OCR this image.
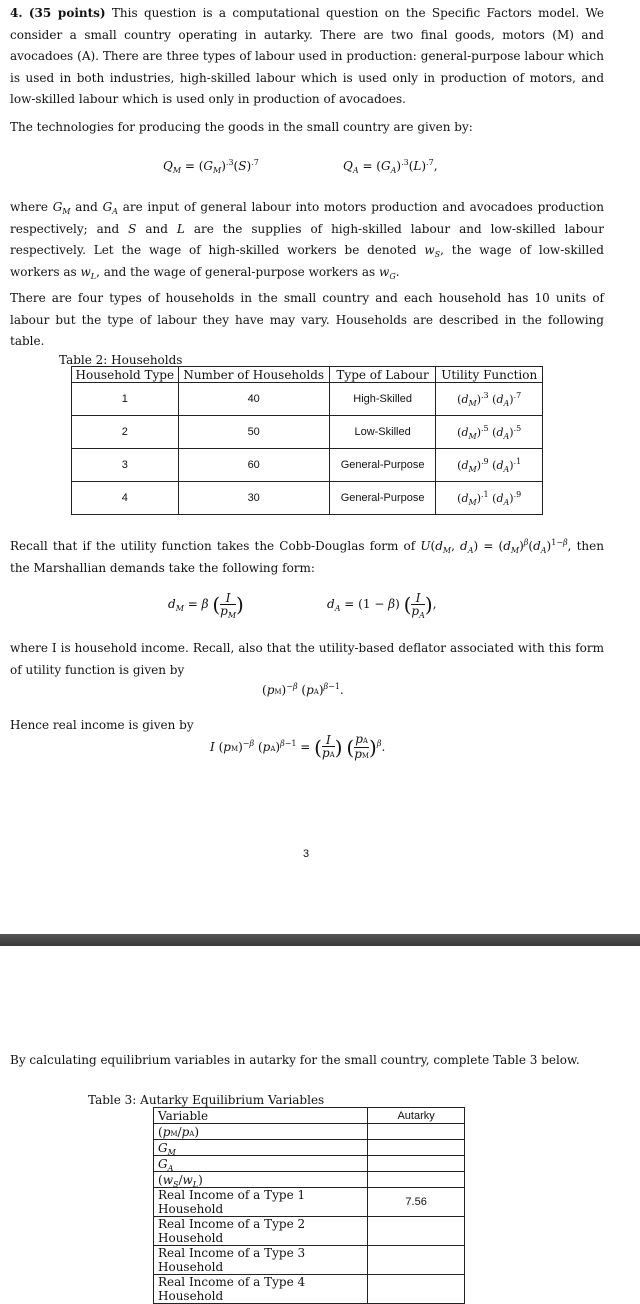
4. (35 points) This question is a computational question on the Specific Factors model. We consider a small country operating in autarky. There are two final goods, motors (M) and avocadoes (A). There are three types of labour used in production: general-purpose labour which is used in both industries, high-skilled labour which is used only in production of motors, and low-skilled labour which is used only in production of avocadoes.
The technologies for producing the goods in the small country are given by:
$Q_M = (G_M)^{.3}(S)^{.7}$	$Q_A = (G_A)^{.3}(L)^{.7}$,
where $G_M$ and $G_A$ are input of general labour into motors production and avocadoes production respectively; and S and L are the supplies of high-skilled labour and low-skilled labour respectively. Let the wage of high-skilled workers be denoted $w_S$, the wage of low-skilled workers as $w_L$, and the wage of general-purpose workers as $w_G$.
There are four types of households in the small country and each household has 10 units of labour but the type of labour they have may vary. Households are described in the following table.
Table 2: Households
Household Type	Number of Households	Type of Labour	Utility Function
1	40	High-Skilled	$(d_M)^{.3}$ $(d_A)^{.7}$
2	50	Low-Skilled	$(d_M)^{.5}$ $(d_A)^{.5}$
3	60	General-Purpose	$(d_M)^{.9}$ $(d_A)^{.1}$
4	30	General-Purpose	$(d_M)^{.1}$ $(d_A)^{.9}$
Recall that if the utility function takes the Cobb-Douglas form of $U(d_M$, $d_A) = (d_M)^\beta(d_A)^{1-\beta}$, then the Marshallian demands take the following form:
$d_M = \beta$ ( $\frac{I}{p_M}$ )	$d_A = (1 - \beta)$ ( $\frac{I}{p_A}$ ),
where I is household income. Recall, also that the utility-based deflator associated with this form of utility function is given by
(pM)$^{-\beta}$ (pA)$^{\beta-1}$.
Hence real income is given by
I (pM)$^{-\beta}$ (pA)$^{\beta-1}$ = ( $\frac{I}{pA}$ ) ( $\frac{pA}{pM} )^\beta$.
3
By calculating equilibrium variables in autarky for the small country, complete Table 3 below.
Table 3: Autarky Equilibrium Variables
Variable	Autarky
(pM/pA)	
$G_M$	
$G_A$	
$(w_S/w_L)$	
Real Income of a Type 1 Household	7.56
Real Income of a Type 2 Household	
Real Income of a Type 3 Household	
Real Income of a Type 4 Household	
